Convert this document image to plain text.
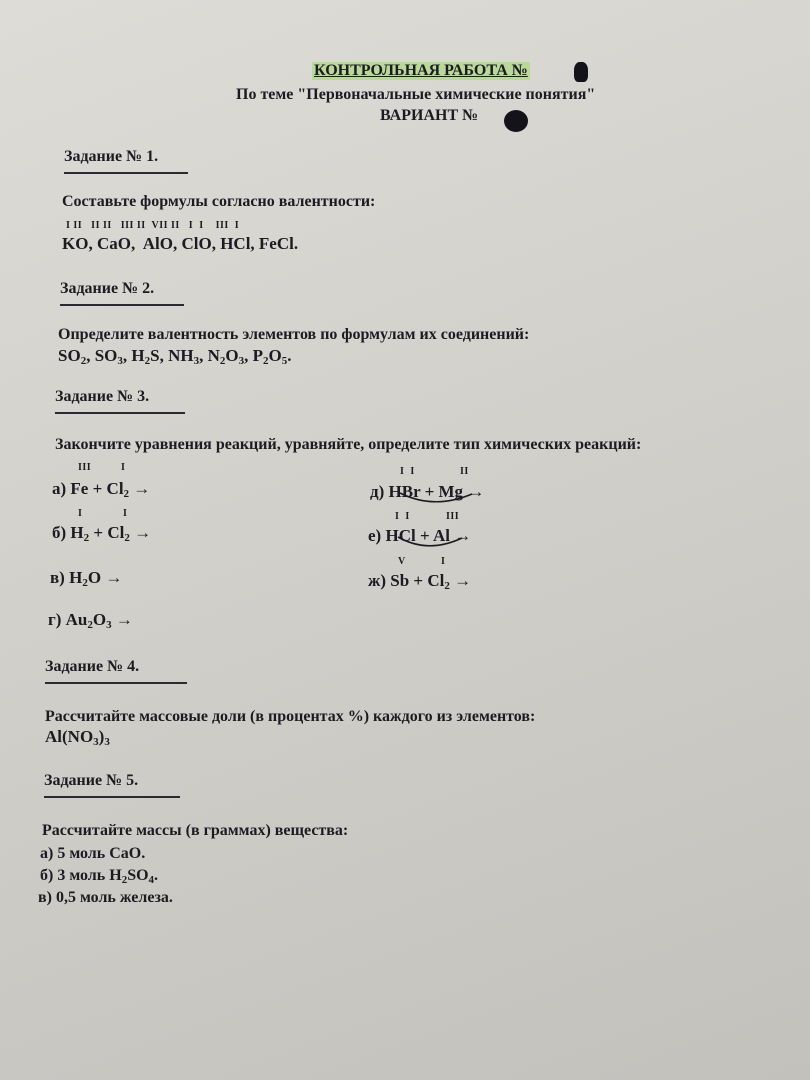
КОНТРОЛЬНАЯ РАБОТА №
По теме "Первоначальные химические понятия"
ВАРИАНТ №
Задание № 1.
Составьте формулы согласно валентности:
I II   II II   III II  VII II   I  I    III  I
KO, CaO,  AlO, ClO, HCl, FeCl.
Задание № 2.
Определите валентность элементов по формулам их соединений:
$SO_2$, $SO_3$, $H_2S$, $NH_3$, $N_2O_3$, $P_2O_5$.
Задание № 3.
Закончите уравнения реакций, уравняйте, определите тип химических реакций:
III	I
а) $Fe + Cl_2$ →
I	I
б) $H_2 + Cl_2$ →
в) $H_2O$ →
г) $Au_2O_3$ →
I  I	II
д) HBr + Mg →
I  I	III
е) HCl + Al →
V	I
ж) $Sb + Cl_2$ →
Задание № 4.
Рассчитайте массовые доли (в процентах %) каждого из элементов:
$Al(NO_3)_3$
Задание № 5.
Рассчитайте массы (в граммах) вещества:
а) 5 моль CaO.
б) 3 моль $H_2SO_4$.
в) 0,5 моль железа.
